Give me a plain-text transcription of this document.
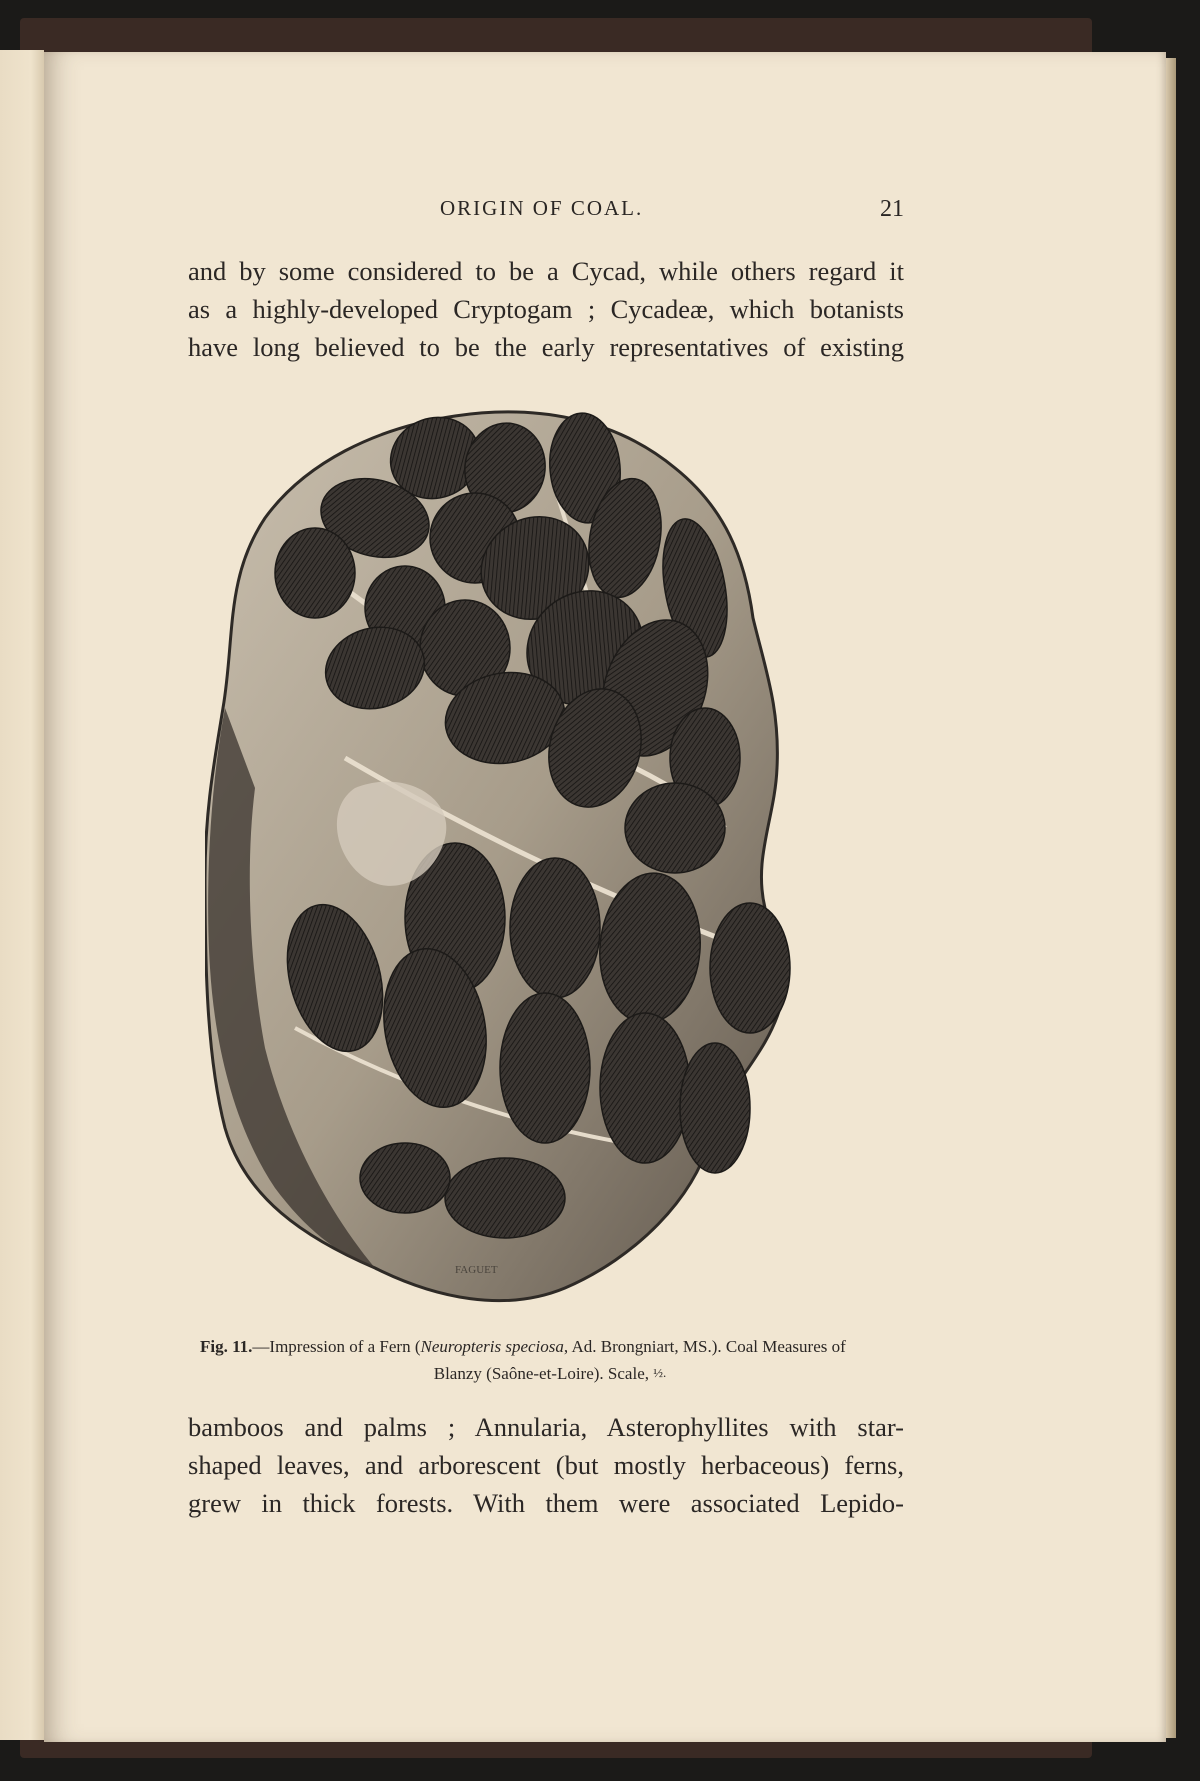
ORIGIN OF COAL.	21
and by some considered to be a Cycad, while others regard it
as a highly-developed Cryptogam ; Cycadeæ, which botanists
have long believed to be the early representatives of existing
FAGUET
Fig. 11.—Impression of a Fern (Neuropteris speciosa, Ad. Brongniart, MS.). Coal Measures of
Blanzy (Saône-et-Loire). Scale, ½.
bamboos and palms ; Annularia, Asterophyllites with star-
shaped leaves, and arborescent (but mostly herbaceous) ferns,
grew in thick forests. With them were associated Lepido-
